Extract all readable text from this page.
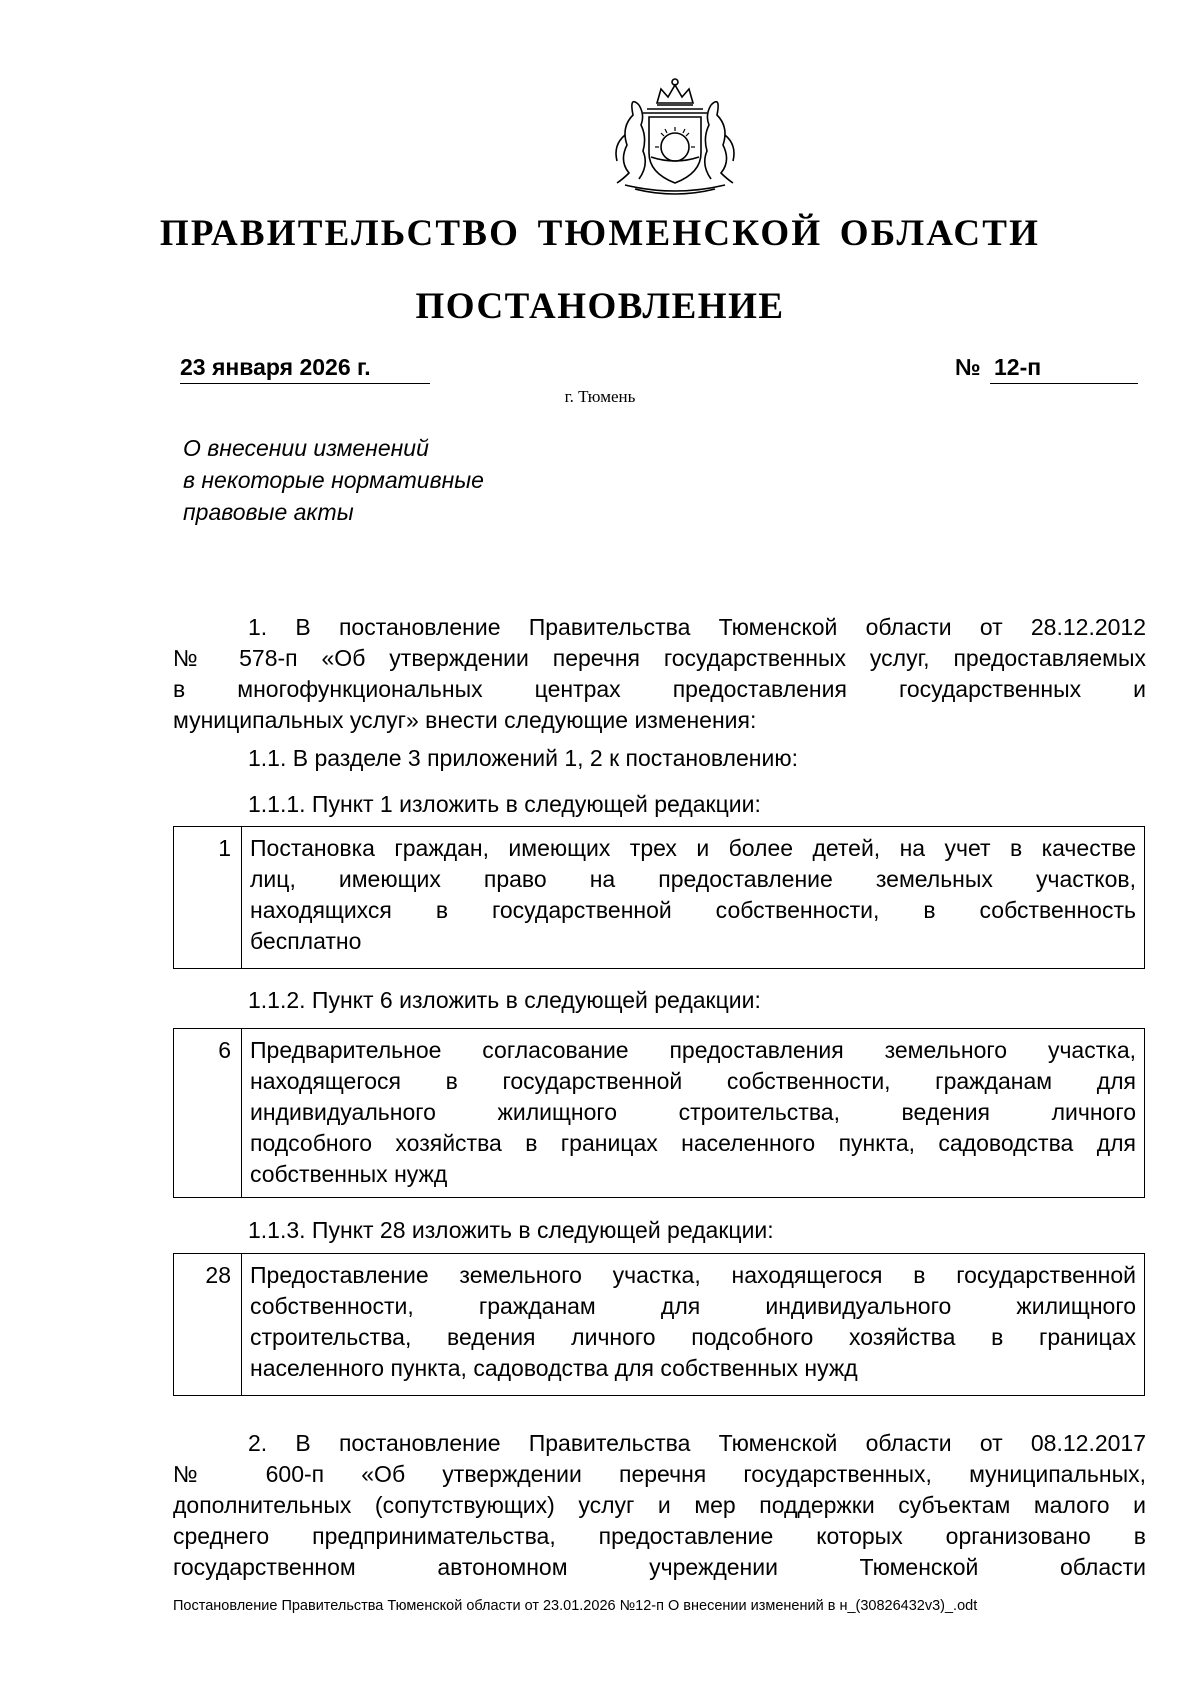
ПРАВИТЕЛЬСТВО ТЮМЕНСКОЙ ОБЛАСТИ
ПОСТАНОВЛЕНИЕ
23 января 2026 г.	№ 12-п
г. Тюмень
О внесении изменений
в некоторые нормативные
правовые акты
1. В постановление Правительства Тюменской области от 28.12.2012
№ 578-п «Об утверждении перечня государственных услуг, предоставляемых
в многофункциональных центрах предоставления государственных и
муниципальных услуг» внести следующие изменения:
1.1. В разделе 3 приложений 1, 2 к постановлению:
1.1.1. Пункт 1 изложить в следующей редакции:
1 Постановка граждан, имеющих трех и более детей, на учет в качестве
лиц, имеющих право на предоставление земельных участков,
находящихся в государственной собственности, в собственность
бесплатно
1.1.2. Пункт 6 изложить в следующей редакции:
6 Предварительное согласование предоставления земельного участка,
находящегося в государственной собственности, гражданам для
индивидуального жилищного строительства, ведения личного
подсобного хозяйства в границах населенного пункта, садоводства для
собственных нужд
1.1.3. Пункт 28 изложить в следующей редакции:
28 Предоставление земельного участка, находящегося в государственной
собственности, гражданам для индивидуального жилищного
строительства, ведения личного подсобного хозяйства в границах
населенного пункта, садоводства для собственных нужд
2. В постановление Правительства Тюменской области от 08.12.2017
№ 600-п «Об утверждении перечня государственных, муниципальных,
дополнительных (сопутствующих) услуг и мер поддержки субъектам малого и
среднего предпринимательства, предоставление которых организовано в
государственном автономном учреждении Тюменской области
Постановление Правительства Тюменской области от 23.01.2026 №12-п О внесении изменений в н_(30826432v3)_.odt
